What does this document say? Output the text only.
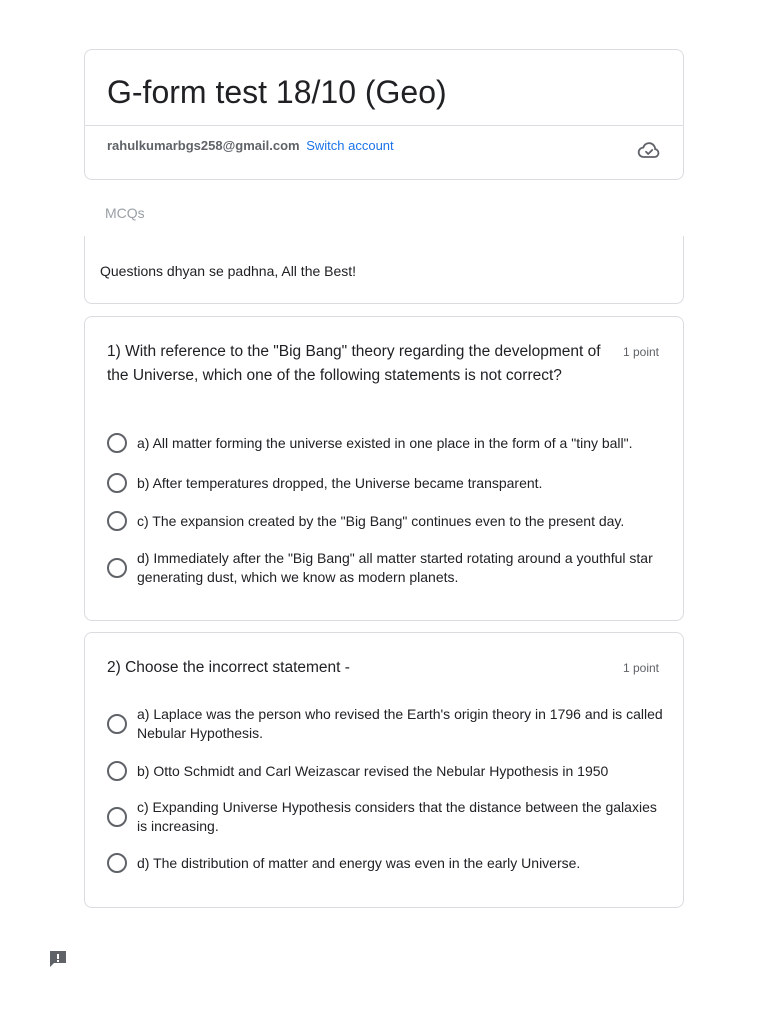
G-form test 18/10 (Geo)
rahulkumarbgs258@gmail.com Switch account
MCQs
Questions dhyan se padhna, All the Best!
1) With reference to the "Big Bang" theory regarding the development of the Universe, which one of the following statements is not correct?
1 point
a) All matter forming the universe existed in one place in the form of a "tiny ball".
b) After temperatures dropped, the Universe became transparent.
c) The expansion created by the "Big Bang" continues even to the present day.
d) Immediately after the "Big Bang" all matter started rotating around a youthful star generating dust, which we know as modern planets.
2) Choose the incorrect statement -	1 point
a) Laplace was the person who revised the Earth's origin theory in 1796 and is called Nebular Hypothesis.
b) Otto Schmidt and Carl Weizascar revised the Nebular Hypothesis in 1950
c) Expanding Universe Hypothesis considers that the distance between the galaxies is increasing.
d) The distribution of matter and energy was even in the early Universe.
